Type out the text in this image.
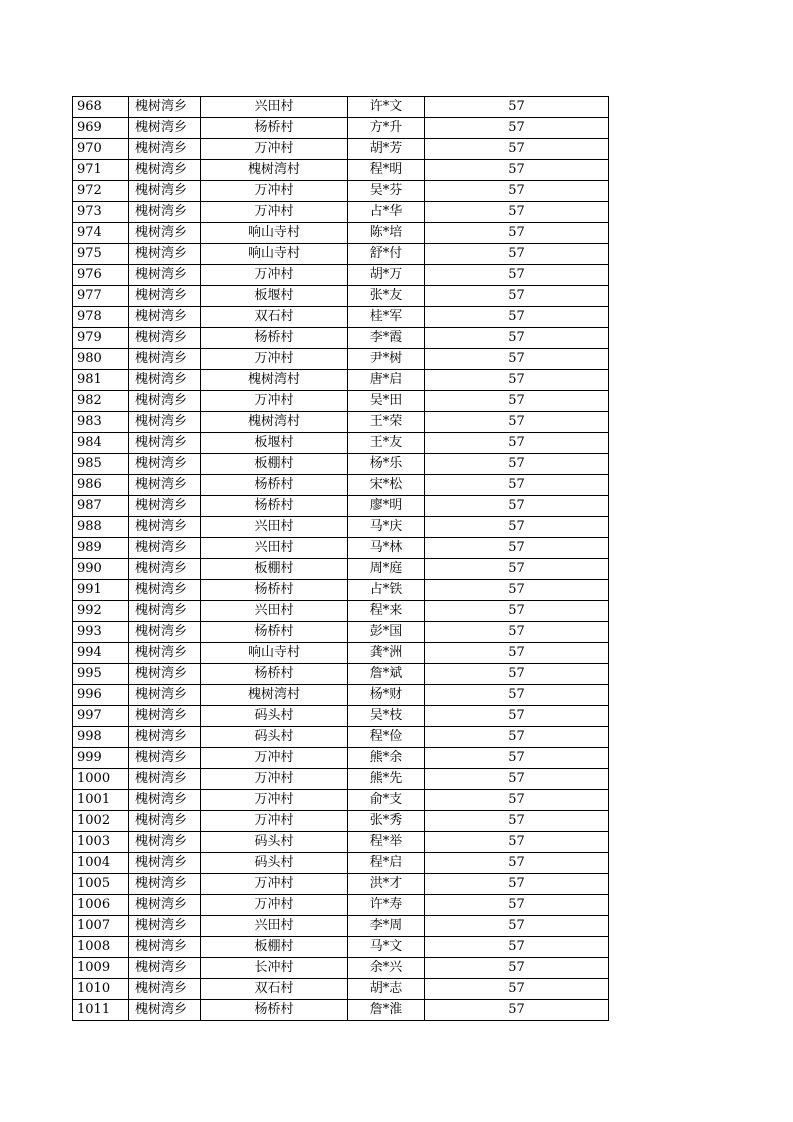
968	槐树湾乡	兴田村	许*文	57
969	槐树湾乡	杨桥村	方*升	57
970	槐树湾乡	万冲村	胡*芳	57
971	槐树湾乡	槐树湾村	程*明	57
972	槐树湾乡	万冲村	吴*芬	57
973	槐树湾乡	万冲村	占*华	57
974	槐树湾乡	响山寺村	陈*培	57
975	槐树湾乡	响山寺村	舒*付	57
976	槐树湾乡	万冲村	胡*万	57
977	槐树湾乡	板堰村	张*友	57
978	槐树湾乡	双石村	桂*军	57
979	槐树湾乡	杨桥村	李*霞	57
980	槐树湾乡	万冲村	尹*树	57
981	槐树湾乡	槐树湾村	唐*启	57
982	槐树湾乡	万冲村	吴*田	57
983	槐树湾乡	槐树湾村	王*荣	57
984	槐树湾乡	板堰村	王*友	57
985	槐树湾乡	板棚村	杨*乐	57
986	槐树湾乡	杨桥村	宋*松	57
987	槐树湾乡	杨桥村	廖*明	57
988	槐树湾乡	兴田村	马*庆	57
989	槐树湾乡	兴田村	马*林	57
990	槐树湾乡	板棚村	周*庭	57
991	槐树湾乡	杨桥村	占*铁	57
992	槐树湾乡	兴田村	程*来	57
993	槐树湾乡	杨桥村	彭*国	57
994	槐树湾乡	响山寺村	龚*洲	57
995	槐树湾乡	杨桥村	詹*斌	57
996	槐树湾乡	槐树湾村	杨*财	57
997	槐树湾乡	码头村	吴*枝	57
998	槐树湾乡	码头村	程*俭	57
999	槐树湾乡	万冲村	熊*余	57
1000	槐树湾乡	万冲村	熊*先	57
1001	槐树湾乡	万冲村	俞*支	57
1002	槐树湾乡	万冲村	张*秀	57
1003	槐树湾乡	码头村	程*举	57
1004	槐树湾乡	码头村	程*启	57
1005	槐树湾乡	万冲村	洪*才	57
1006	槐树湾乡	万冲村	许*寿	57
1007	槐树湾乡	兴田村	李*周	57
1008	槐树湾乡	板棚村	马*文	57
1009	槐树湾乡	长冲村	余*兴	57
1010	槐树湾乡	双石村	胡*志	57
1011	槐树湾乡	杨桥村	詹*淮	57
